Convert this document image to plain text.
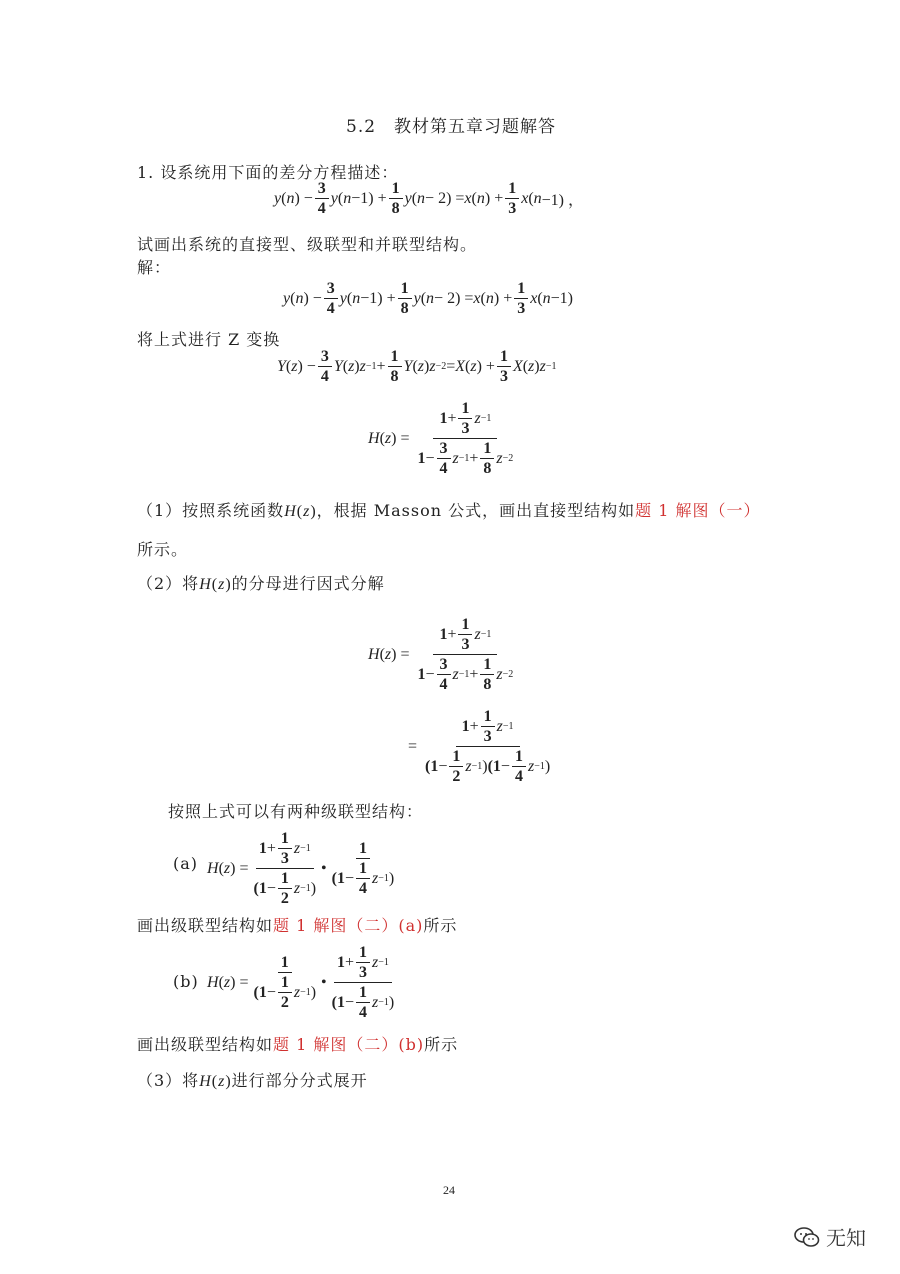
5.2　教材第五章习题解答
1. 设系统用下面的差分方程描述：
y ( n ) − $\frac{3}{4}$ y ( $n -1) + \frac{1}{8}$ y ( n − 2) = x ( n ) + $\frac{1}{3}$ x ( n −1) ，
试画出系统的直接型、级联型和并联型结构。
解：
y ( n ) − $\frac{3}{4}$ y ( $n -1) + \frac{1}{8}$ y ( n − 2) = x ( n ) + $\frac{1}{3}$ x ( n −1)
将上式进行 Z 变换
Y ( z ) − $\frac{3}{4}$ Y ( z ) $z -1 + \frac{1}{8}$ Y ( z ) z −2 = X ( z ) + $\frac{1}{3}$ X ( z ) z −1
H ( z ) = $\frac{1 + \frac{1}{3} z -1}{1 - \frac{3}{4} z -1 + \frac{1}{8} z -2}$
（1）按照系统函数H(z)，根据 Masson 公式，画出直接型结构如题 1 解图（一）
所示。
（2）将H(z)的分母进行因式分解
H ( z ) = $\frac{1 + \frac{1}{3} z -1}{1 - \frac{3}{4} z -1 + \frac{1}{8} z -2}$
= $\frac{1 + \frac{1}{3} z -1}{(1 - \frac{1}{2} z -1 ) (1 - \frac{1}{4} z -1 )}$
按照上式可以有两种级联型结构：
(a) H ( z ) = $\frac{1 + \frac{1}{3} z -1}{(1 - \frac{1}{2} z -1 )}$ • $\frac{1}{(1 - \frac{1}{4} z -1 )}$
画出级联型结构如题 1 解图（二）(a)所示
(b) H ( z ) = $\frac{1}{(1 - \frac{1}{2} z -1 )}$ • $\frac{1 + \frac{1}{3} z -1}{(1 - \frac{1}{4} z -1 )}$
画出级联型结构如题 1 解图（二）(b)所示
（3）将H(z)进行部分分式展开
24
无知
